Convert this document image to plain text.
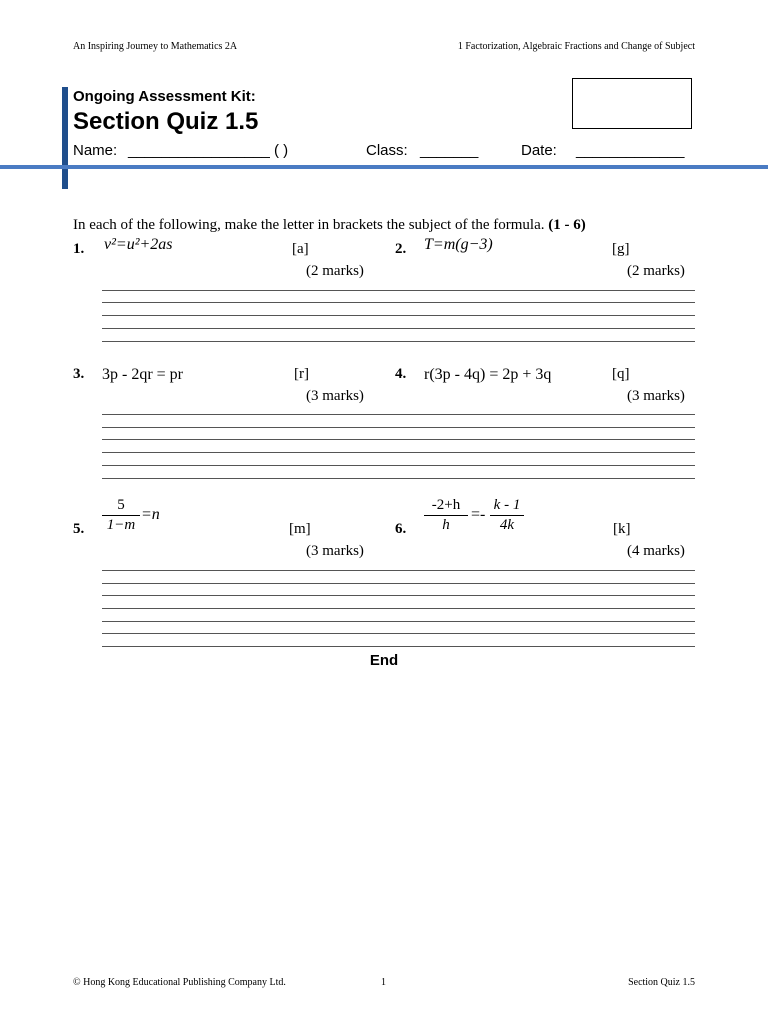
An Inspiring Journey to Mathematics 2A	1 Factorization, Algebraic Fractions and Change of Subject
Ongoing Assessment Kit:
Section Quiz 1.5
Name: _________________ ( )	Class: _______	Date: _____________
In each of the following, make the letter in brackets the subject of the formula. (1 - 6)
1. v²=u²+2as	[a]
(2 marks)
2. T=m(g−3)	[g]
(2 marks)
3. 3p - 2qr = pr	[r]
(3 marks)
4. r(3p - 4q) = 2p + 3q	[q]
(3 marks)
5.
5
1−m
=n
[m]
(3 marks)
6.
-2+h
h
=-
k - 1
4k	[k]
(4 marks)
End
© Hong Kong Educational Publishing Company Ltd.	1	Section Quiz 1.5
